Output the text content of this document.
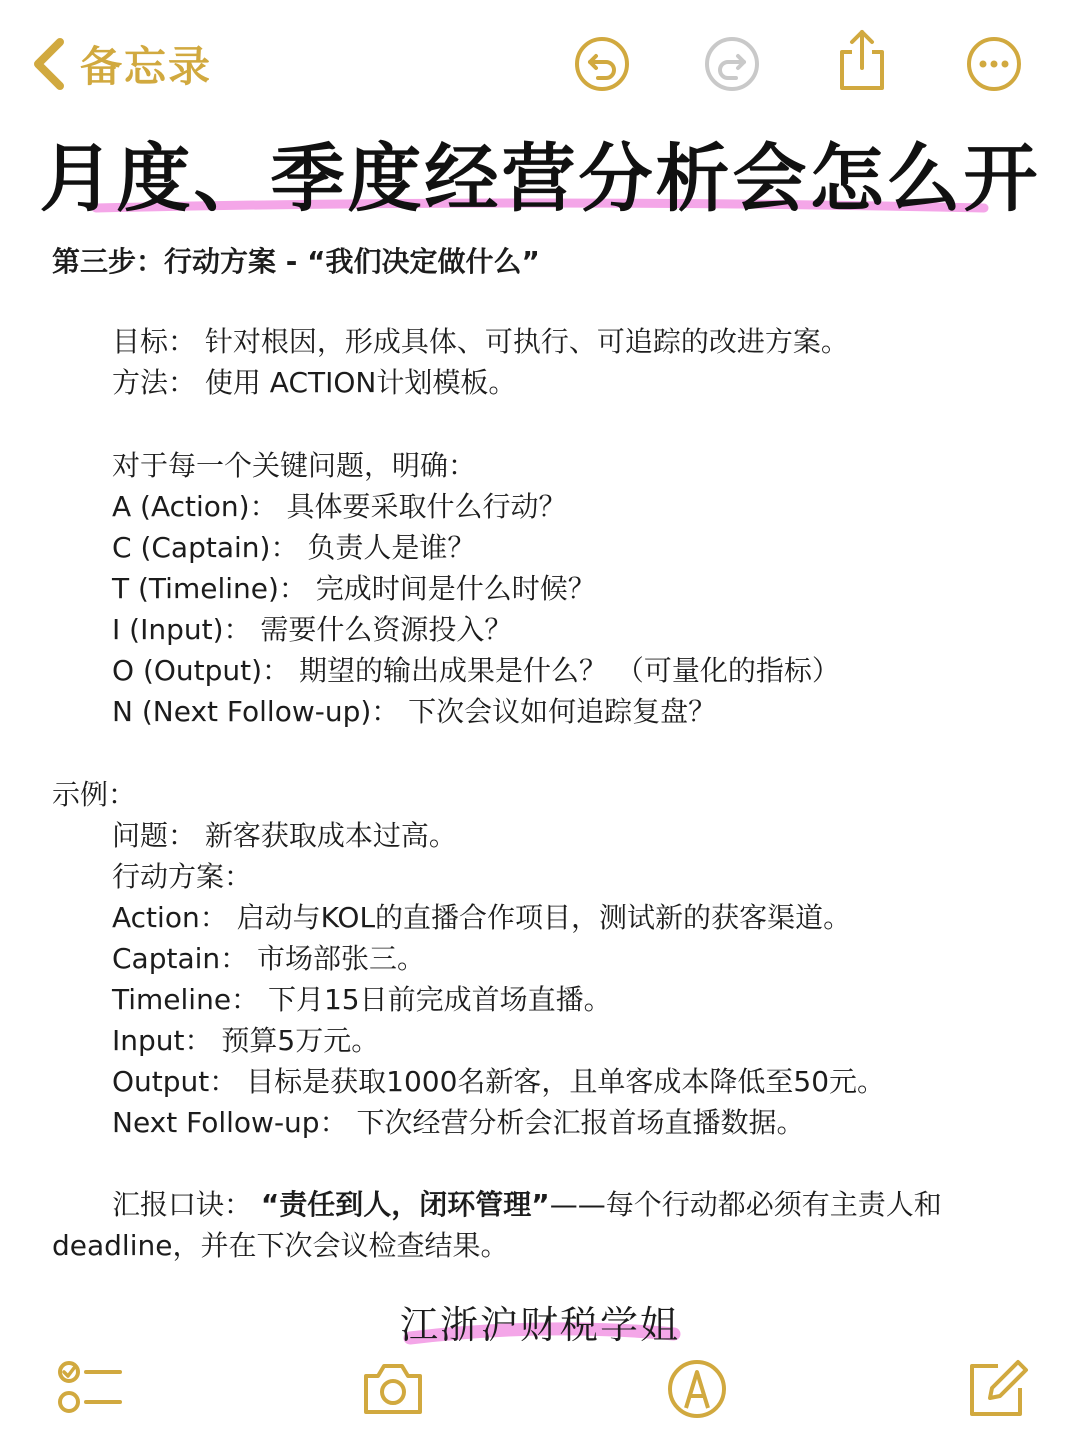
备忘录
月度、季度经营分析会怎么开
第三步：行动方案 - “我们决定做什么”
目标： 针对根因，形成具体、可执行、可追踪的改进方案。
方法： 使用 ACTION计划模板。
对于每一个关键问题，明确：
A (Action)： 具体要采取什么行动？
C (Captain)： 负责人是谁？
T (Timeline)： 完成时间是什么时候？
I (Input)： 需要什么资源投入？
O (Output)： 期望的输出成果是什么？ （可量化的指标）
N (Next Follow-up)： 下次会议如何追踪复盘？
示例：
问题： 新客获取成本过高。
行动方案：
Action： 启动与KOL的直播合作项目，测试新的获客渠道。
Captain： 市场部张三。
Timeline： 下月15日前完成首场直播。
Input： 预算5万元。
Output： 目标是获取1000名新客，且单客成本降低至50元。
Next Follow-up： 下次经营分析会汇报首场直播数据。
汇报口诀： “责任到人，闭环管理”——每个行动都必须有主责人和
deadline，并在下次会议检查结果。
江浙沪财税学姐
